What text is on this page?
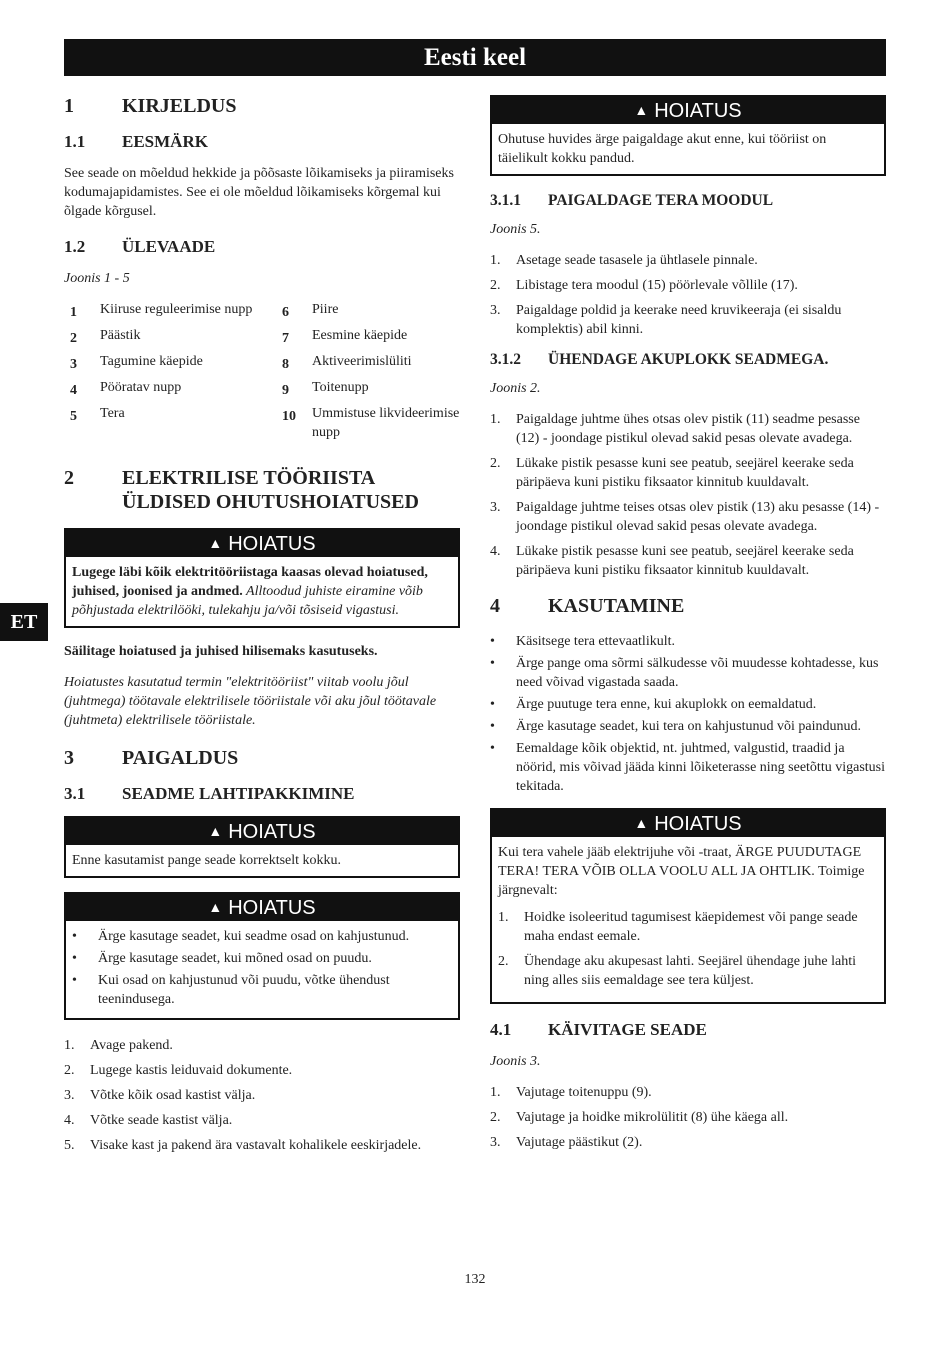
Eesti keel
ET
1	KIRJELDUS
1.1	EESMÄRK

See seade on mõeldud hekkide ja põõsaste lõikamiseks ja piiramiseks kodumajapidamistes. See ei ole mõeldud lõikamiseks kõrgemal kui õlgade kõrgusel.

1.2	ÜLEVAADE

Joonis 1 - 5

1	Kiiruse reguleerimise nupp
2	Päästik
3	Tagumine käepide
4	Pööratav nupp
5	Tera
6	Piire
7	Eesmine käepide
8	Aktiveerimislüliti
9	Toitenupp
10	Ummistuse likvideerimise nupp
2	ELEKTRILISE TÖÖRIISTA ÜLDISED OHUTUSHOIATUSED
▲ HOIATUS

Lugege läbi kõik elektritööriistaga kaasas olevad hoiatused, juhised, joonised ja andmed. Alltoodud juhiste eiramine võib põhjustada elektrilööki, tulekahju ja/või tõsiseid vigastusi.

Säilitage hoiatused ja juhised hilisemaks kasutuseks.

Hoiatustes kasutatud termin "elektritööriist" viitab voolu jõul (juhtmega) töötavale elektrilisele tööriistale või aku jõul töötavale (juhtmeta) elektrilisele tööriistale.

3	PAIGALDUS
3.1	SEADME LAHTIPAKKIMINE
▲ HOIATUS

Enne kasutamist pange seade korrektselt kokku.

▲ HOIATUS
•	Ärge kasutage seadet, kui seadme osad on kahjustunud.
•	Ärge kasutage seadet, kui mõned osad on puudu.
•	Kui osad on kahjustunud või puudu, võtke ühendust teenindusega.
1.	Avage pakend.
2.	Lugege kastis leiduvaid dokumente.
3.	Võtke kõik osad kastist välja.
4.	Võtke seade kastist välja.
5.	Visake kast ja pakend ära vastavalt kohalikele eeskirjadele.
▲ HOIATUS

Ohutuse huvides ärge paigaldage akut enne, kui tööriist on täielikult kokku pandud.

3.1.1	PAIGALDAGE TERA MOODUL

Joonis 5.

1.	Asetage seade tasasele ja ühtlasele pinnale.
2.	Libistage tera moodul (15) pöörlevale võllile (17).
3.	Paigaldage poldid ja keerake need kruvikeeraja (ei sisaldu komplektis) abil kinni.
3.1.2	ÜHENDAGE AKUPLOKK SEADMEGA.

Joonis 2.

1.	Paigaldage juhtme ühes otsas olev pistik (11) seadme pesasse (12) - joondage pistikul olevad sakid pesas olevate avadega.
2.	Lükake pistik pesasse kuni see peatub, seejärel keerake seda päripäeva kuni pistiku fiksaator kinnitub kuuldavalt.
3.	Paigaldage juhtme teises otsas olev pistik (13) aku pesasse (14) - joondage pistikul olevad sakid pesas olevate avadega.
4.	Lükake pistik pesasse kuni see peatub, seejärel keerake seda päripäeva kuni pistiku fiksaator kinnitub kuuldavalt.
4	KASUTAMINE
•	Käsitsege tera ettevaatlikult.
•	Ärge pange oma sõrmi sälkudesse või muudesse kohtadesse, kus need võivad vigastada saada.
•	Ärge puutuge tera enne, kui akuplokk on eemaldatud.
•	Ärge kasutage seadet, kui tera on kahjustunud või paindunud.
•	Eemaldage kõik objektid, nt. juhtmed, valgustid, traadid ja nöörid, mis võivad jääda kinni lõiketerasse ning seetõttu vigastusi tekitada.
▲ HOIATUS

Kui tera vahele jääb elektrijuhe või -traat, ÄRGE PUUDUTAGE TERA! TERA VÕIB OLLA VOOLU ALL JA OHTLIK. Toimige järgnevalt:

1.	Hoidke isoleeritud tagumisest käepidemest või pange seade maha endast eemale.
2.	Ühendage aku akupesast lahti. Seejärel ühendage juhe lahti ning alles siis eemaldage see tera küljest.
4.1	KÄIVITAGE SEADE

Joonis 3.

1.	Vajutage toitenuppu (9).
2.	Vajutage ja hoidke mikrolülitit (8) ühe käega all.
3.	Vajutage päästikut (2).
132
